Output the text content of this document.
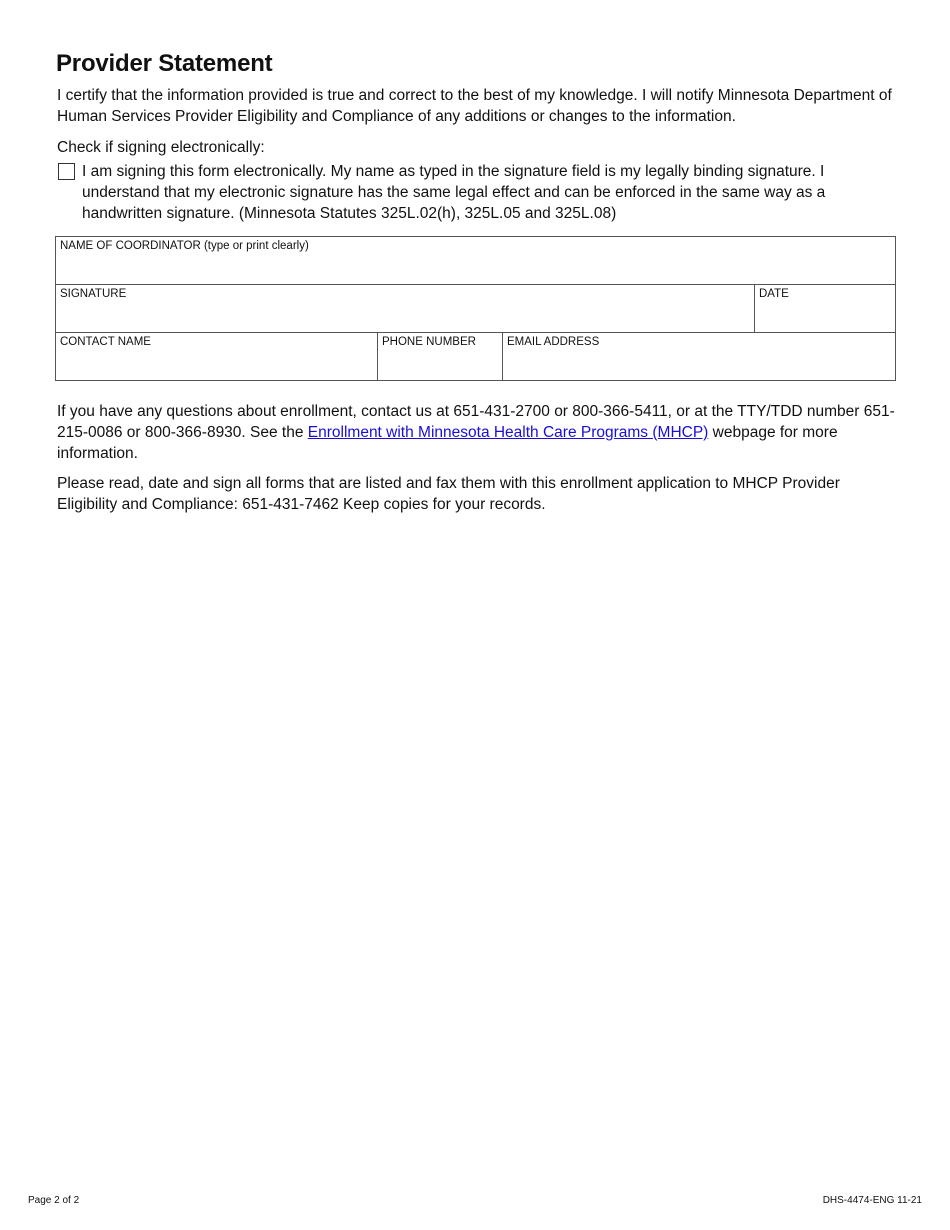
Provider Statement

I certify that the information provided is true and correct to the best of my knowledge. I will notify Minnesota Department of Human Services Provider Eligibility and Compliance of any additions or changes to the information.

Check if signing electronically:

I am signing this form electronically. My name as typed in the signature field is my legally binding signature. I understand that my electronic signature has the same legal effect and can be enforced in the same way as a handwritten signature. (Minnesota Statutes 325L.02(h), 325L.05 and 325L.08)

NAME OF COORDINATOR (type or print clearly)			

SIGNATURE			DATE

CONTACT NAME	PHONE NUMBER	EMAIL ADDRESS	

If you have any questions about enrollment, contact us at 651-431-2700 or 800-366-5411, or at the TTY/TDD number 651-215-0086 or 800-366-8930. See the Enrollment with Minnesota Health Care Programs (MHCP) webpage for more information.

Please read, date and sign all forms that are listed and fax them with this enrollment application to MHCP Provider Eligibility and Compliance: 651-431-7462 Keep copies for your records.

Page 2 of 2	DHS-4474-ENG 11-21
